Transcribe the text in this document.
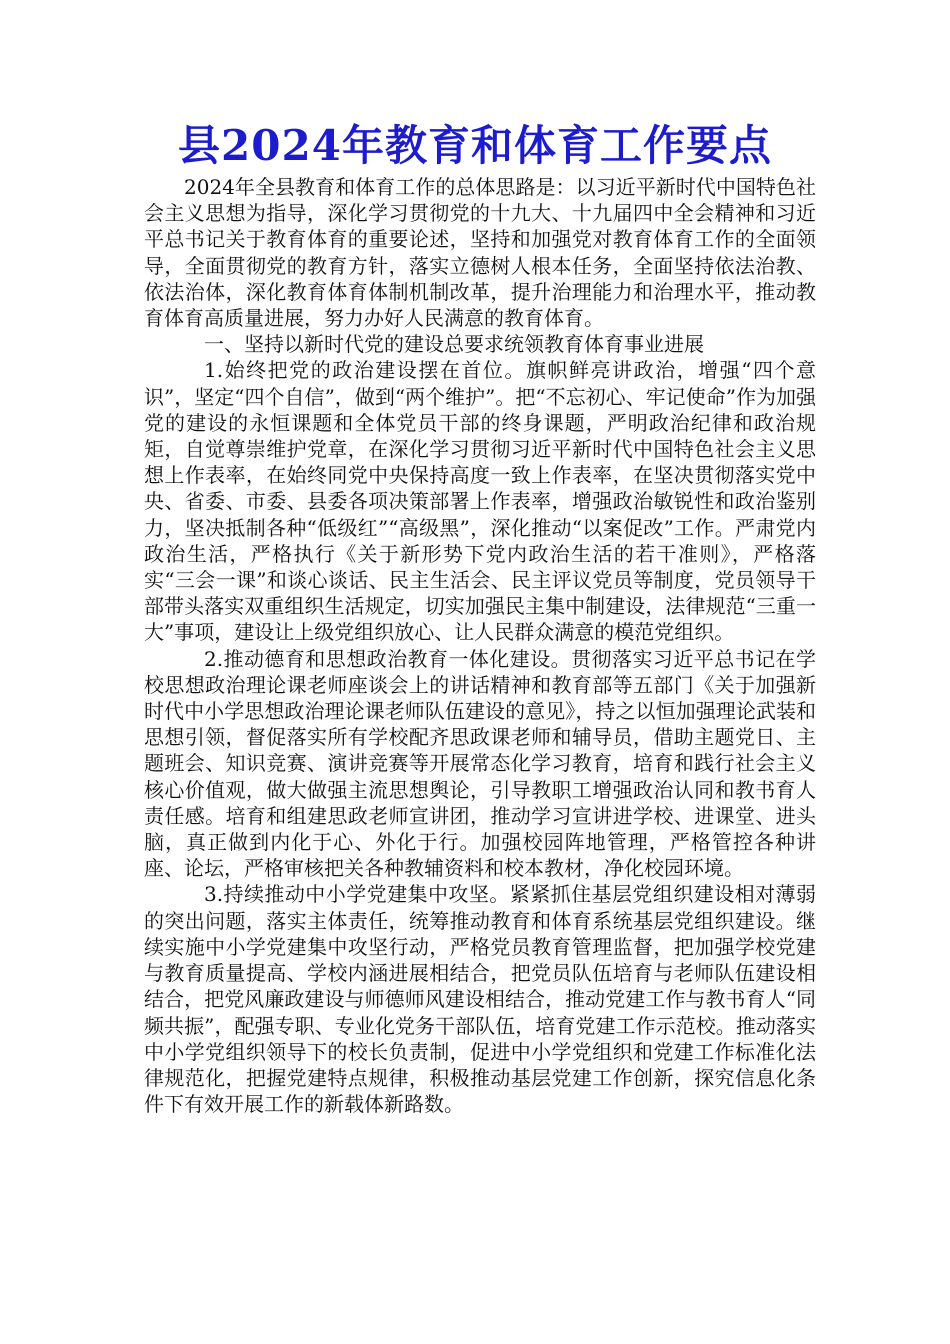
县2024年教育和体育工作要点

2024年全县教育和体育工作的总体思路是：以习近平新时代中国特色社会主义思想为指导，深化学习贯彻党的十九大、十九届四中全会精神和习近平总书记关于教育体育的重要论述，坚持和加强党对教育体育工作的全面领导，全面贯彻党的教育方针，落实立德树人根本任务，全面坚持依法治教、依法治体，深化教育体育体制机制改革，提升治理能力和治理水平，推动教育体育高质量进展，努力办好人民满意的教育体育。

一、坚持以新时代党的建设总要求统领教育体育事业进展

1.始终把党的政治建设摆在首位。旗帜鲜亮讲政治，增强“四个意识”，坚定“四个自信”，做到“两个维护”。把“不忘初心、牢记使命”作为加强党的建设的永恒课题和全体党员干部的终身课题，严明政治纪律和政治规矩，自觉尊崇维护党章，在深化学习贯彻习近平新时代中国特色社会主义思想上作表率，在始终同党中央保持高度一致上作表率，在坚决贯彻落实党中央、省委、市委、县委各项决策部署上作表率，增强政治敏锐性和政治鉴别力，坚决抵制各种“低级红”“高级黑”，深化推动“以案促改”工作。严肃党内政治生活，严格执行《关于新形势下党内政治生活的若干准则》，严格落实“三会一课”和谈心谈话、民主生活会、民主评议党员等制度，党员领导干部带头落实双重组织生活规定，切实加强民主集中制建设，法律规范“三重一大”事项，建设让上级党组织放心、让人民群众满意的模范党组织。

2.推动德育和思想政治教育一体化建设。贯彻落实习近平总书记在学校思想政治理论课老师座谈会上的讲话精神和教育部等五部门《关于加强新时代中小学思想政治理论课老师队伍建设的意见》，持之以恒加强理论武装和思想引领，督促落实所有学校配齐思政课老师和辅导员，借助主题党日、主题班会、知识竞赛、演讲竞赛等开展常态化学习教育，培育和践行社会主义核心价值观，做大做强主流思想舆论，引导教职工增强政治认同和教书育人责任感。培育和组建思政老师宣讲团，推动学习宣讲进学校、进课堂、进头脑，真正做到内化于心、外化于行。加强校园阵地管理，严格管控各种讲座、论坛，严格审核把关各种教辅资料和校本教材，净化校园环境。

3.持续推动中小学党建集中攻坚。紧紧抓住基层党组织建设相对薄弱的突出问题，落实主体责任，统筹推动教育和体育系统基层党组织建设。继续实施中小学党建集中攻坚行动，严格党员教育管理监督，把加强学校党建与教育质量提高、学校内涵进展相结合，把党员队伍培育与老师队伍建设相结合，把党风廉政建设与师德师风建设相结合，推动党建工作与教书育人“同频共振”，配强专职、专业化党务干部队伍，培育党建工作示范校。推动落实中小学党组织领导下的校长负责制，促进中小学党组织和党建工作标准化法律规范化，把握党建特点规律，积极推动基层党建工作创新，探究信息化条件下有效开展工作的新载体新路数。
